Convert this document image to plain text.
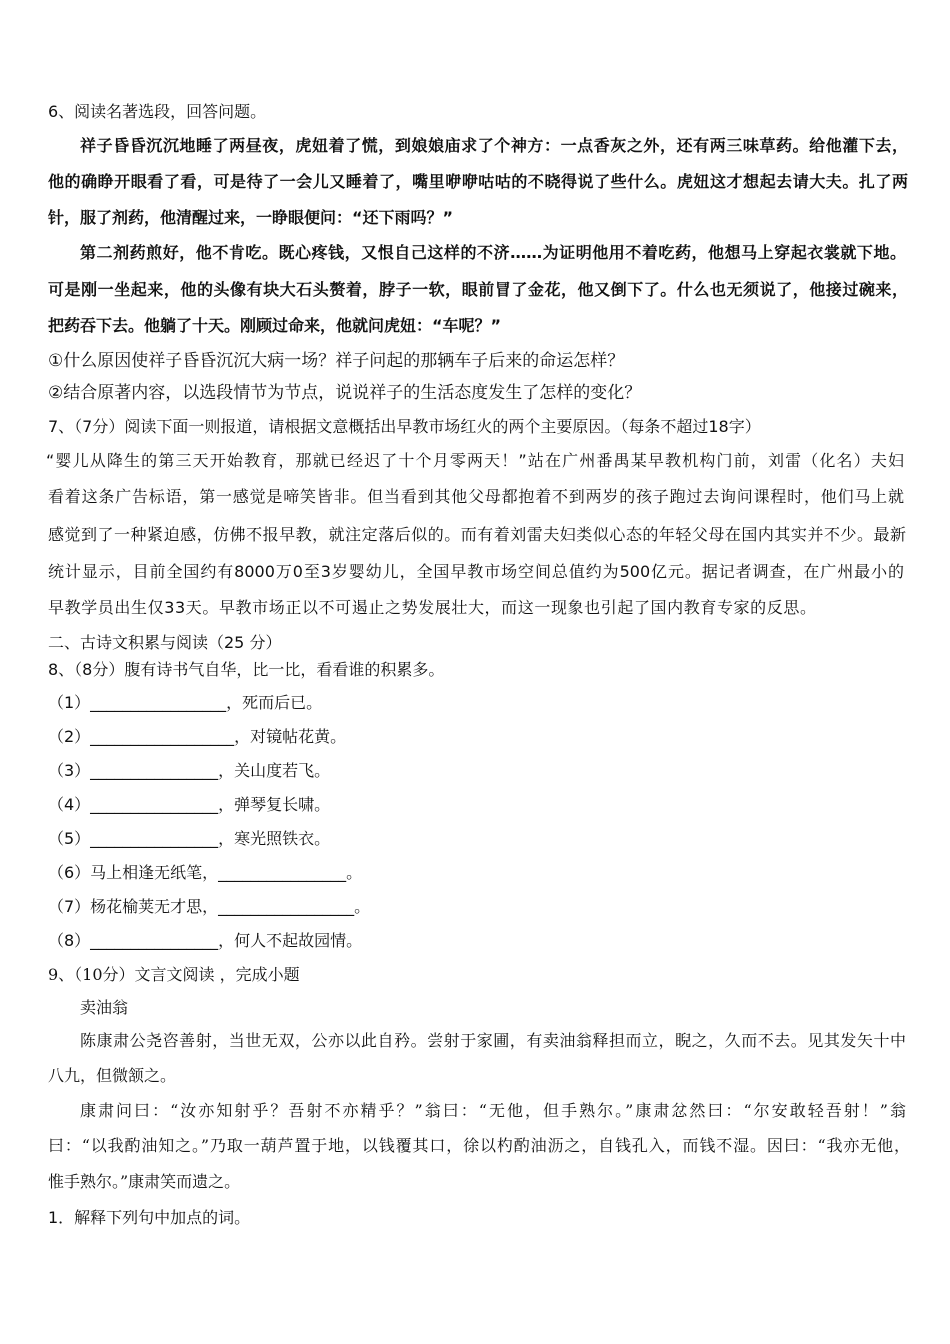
6、阅读名著选段，回答问题。
祥子昏昏沉沉地睡了两昼夜，虎妞着了慌，到娘娘庙求了个神方：一点香灰之外，还有两三味草药。给他灌下去，
他的确睁开眼看了看，可是待了一会儿又睡着了，嘴里咿咿咕咕的不晓得说了些什么。虎妞这才想起去请大夫。扎了两
针，服了剂药，他清醒过来，一睁眼便问：“还下雨吗？”
第二剂药煎好，他不肯吃。既心疼钱，又恨自己这样的不济……为证明他用不着吃药，他想马上穿起衣裳就下地。
可是刚一坐起来，他的头像有块大石头赘着，脖子一软，眼前冒了金花，他又倒下了。什么也无须说了，他接过碗来，
把药吞下去。他躺了十天。刚顾过命来，他就问虎妞：“车呢？”
①什么原因使祥子昏昏沉沉大病一场？祥子问起的那辆车子后来的命运怎样？
②结合原著内容，以选段情节为节点，说说祥子的生活态度发生了怎样的变化？
7、（7分）阅读下面一则报道，请根据文意概括出早教市场红火的两个主要原因。（每条不超过18字）
“婴儿从降生的第三天开始教育，那就已经迟了十个月零两天！”站在广州番禺某早教机构门前，刘雷（化名）夫妇
看着这条广告标语，第一感觉是啼笑皆非。但当看到其他父母都抱着不到两岁的孩子跑过去询问课程时，他们马上就
感觉到了一种紧迫感，仿佛不报早教，就注定落后似的。而有着刘雷夫妇类似心态的年轻父母在国内其实并不少。最新
统计显示，目前全国约有8000万0至3岁婴幼儿，全国早教市场空间总值约为500亿元。据记者调查，在广州最小的
早教学员出生仅33天。早教市场正以不可遏止之势发展壮大，而这一现象也引起了国内教育专家的反思。
二、古诗文积累与阅读（25 分）
8、（8分）腹有诗书气自华，比一比，看看谁的积累多。
（1）_________________，死而后已。
（2）__________________，对镜帖花黄。
（3）________________，关山度若飞。
（4）________________，弹琴复长啸。
（5）________________，寒光照铁衣。
（6）马上相逢无纸笔，________________。
（7）杨花榆荚无才思，_________________。
（8）________________，何人不起故园情。
9、（10分）文言文阅读 ，完成小题
卖油翁
陈康肃公尧咨善射，当世无双，公亦以此自矜。尝射于家圃，有卖油翁释担而立，睨之，久而不去。见其发矢十中
八九，但微颔之。
康肃问曰：“汝亦知射乎？吾射不亦精乎？”翁曰：“无他，但手熟尔。”康肃忿然曰：“尔安敢轻吾射！”翁
曰：“以我酌油知之。”乃取一葫芦置于地，以钱覆其口，徐以杓酌油沥之，自钱孔入，而钱不湿。因曰：“我亦无他，
惟手熟尔。”康肃笑而遗之。
1．解释下列句中加点的词。
